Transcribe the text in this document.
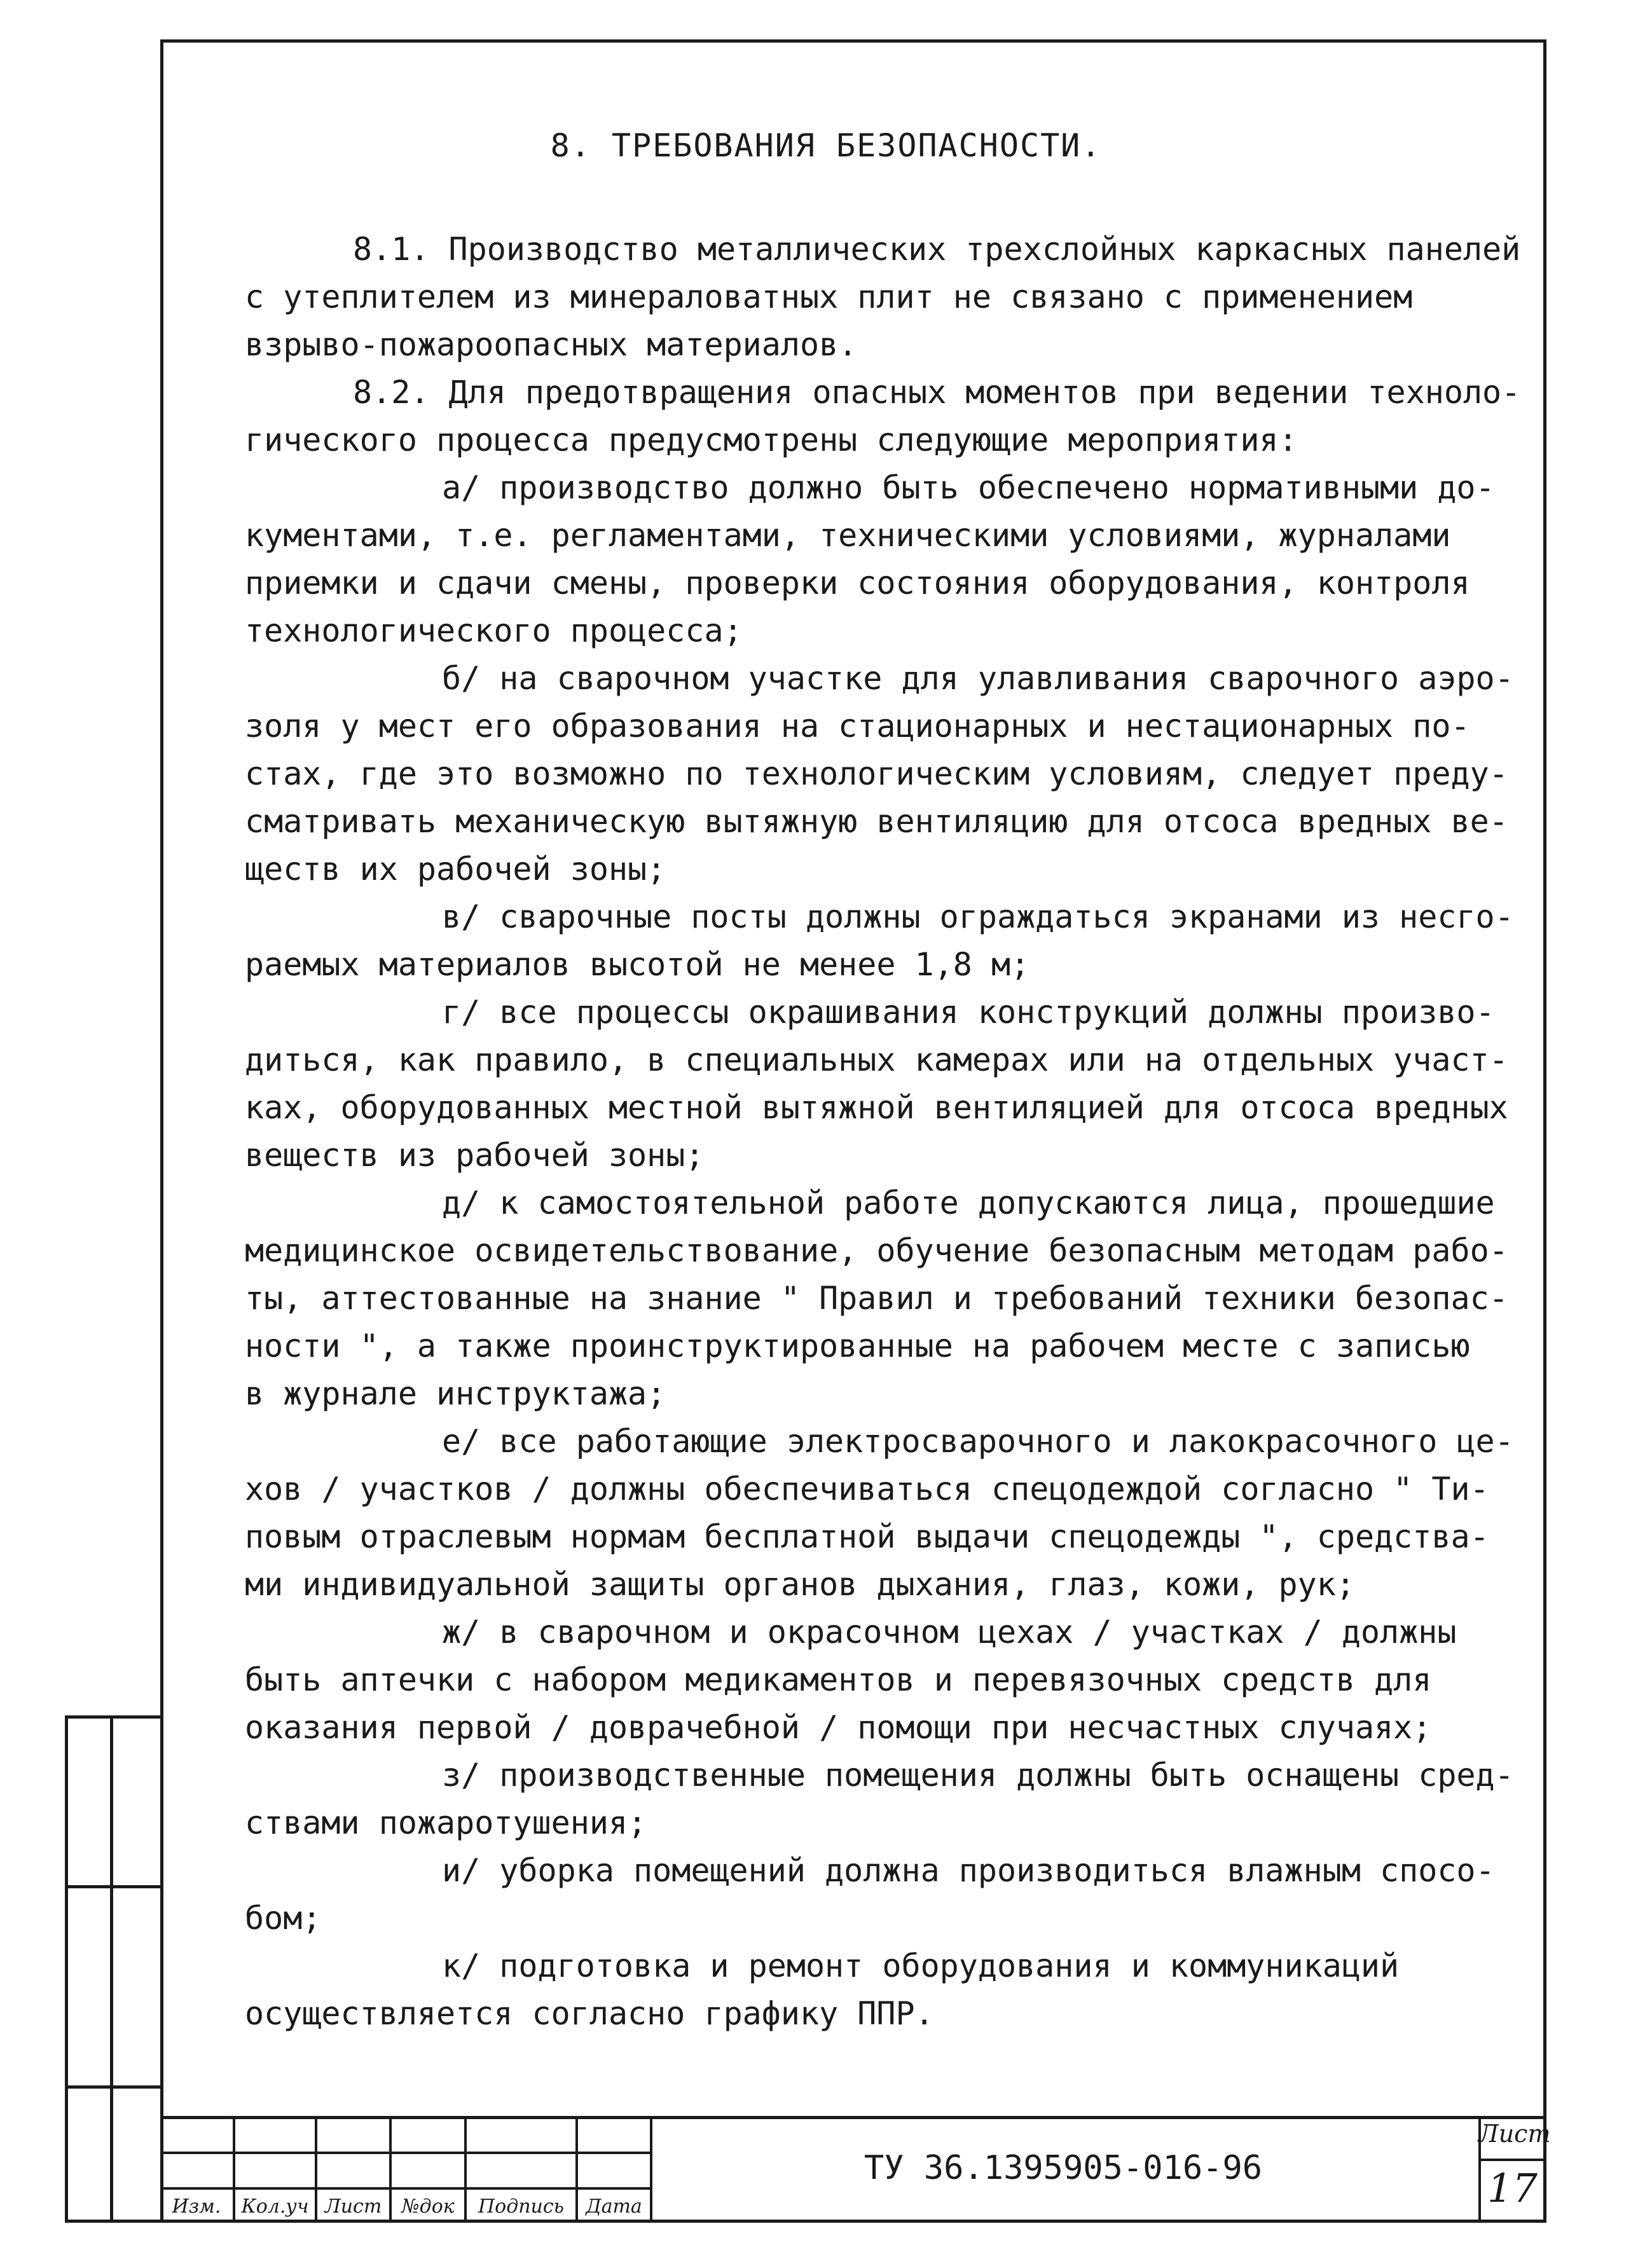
8. ТРЕБОВАНИЯ БЕЗОПАСНОСТИ.
8.1. Производство металлических трехслойных каркасных панелей
с утеплителем из минераловатных плит не связано с применением
взрыво-пожароопасных материалов.
8.2. Для предотвращения опасных моментов при ведении техноло-
гического процесса предусмотрены следующие мероприятия:
а/ производство должно быть обеспечено нормативными до-
кументами, т.е. регламентами, техническими условиями, журналами
приемки и сдачи смены, проверки состояния оборудования, контроля
технологического процесса;
б/ на сварочном участке для улавливания сварочного аэро-
золя у мест его образования на стационарных и нестационарных по-
стах, где это возможно по технологическим условиям, следует преду-
сматривать механическую вытяжную вентиляцию для отсоса вредных ве-
ществ их рабочей зоны;
в/ сварочные посты должны ограждаться экранами из несго-
раемых материалов высотой не менее 1,8 м;
г/ все процессы окрашивания конструкций должны произво-
диться, как правило, в специальных камерах или на отдельных участ-
ках, оборудованных местной вытяжной вентиляцией для отсоса вредных
веществ из рабочей зоны;
д/ к самостоятельной работе допускаются лица, прошедшие
медицинское освидетельствование, обучение безопасным методам рабо-
ты, аттестованные на знание " Правил и требований техники безопас-
ности ", а также проинструктированные на рабочем месте с записью
в журнале инструктажа;
е/ все работающие электросварочного и лакокрасочного це-
хов / участков / должны обеспечиваться спецодеждой согласно " Ти-
повым отраслевым нормам бесплатной выдачи спецодежды ", средства-
ми индивидуальной защиты органов дыхания, глаз, кожи, рук;
ж/ в сварочном и окрасочном цехах / участках / должны
быть аптечки с набором медикаментов и перевязочных средств для
оказания первой / доврачебной / помощи при несчастных случаях;
з/ производственные помещения должны быть оснащены сред-
ствами пожаротушения;
и/ уборка помещений должна производиться влажным спосо-
бом;
к/ подготовка и ремонт оборудования и коммуникаций
осуществляется согласно графику ППР.
Изм.	Кол.уч Лист	№док	Подпись	Дата
ТУ 36.1395905-016-96
Лист
17
